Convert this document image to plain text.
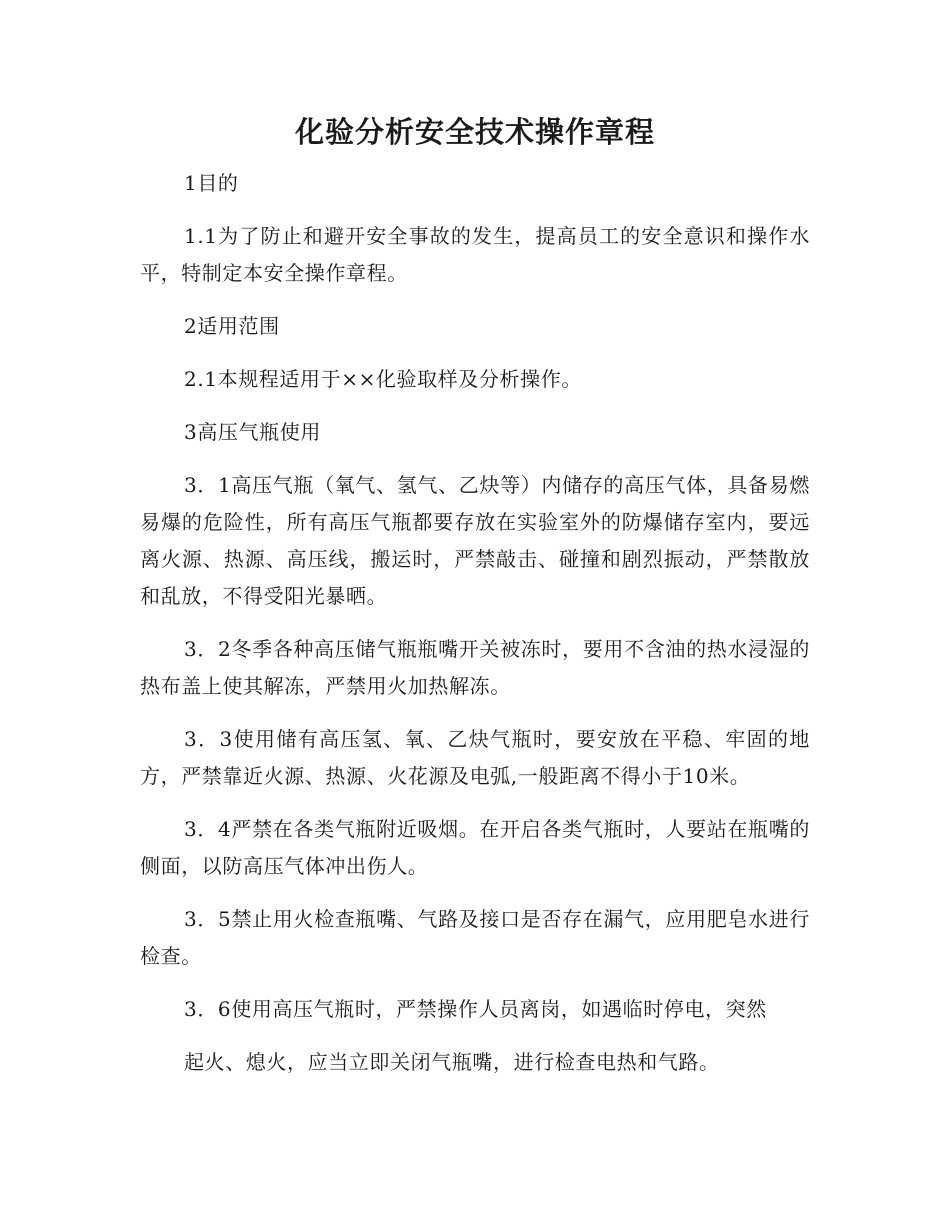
化验分析安全技术操作章程

1目的

1.1为了防止和避开安全事故的发生，提高员工的安全意识和操作水平，特制定本安全操作章程。

2适用范围

2.1本规程适用于××化验取样及分析操作。

3高压气瓶使用

3．1高压气瓶（氧气、氢气、乙炔等）内储存的高压气体，具备易燃易爆的危险性，所有高压气瓶都要存放在实验室外的防爆储存室内，要远离火源、热源、高压线，搬运时，严禁敲击、碰撞和剧烈振动，严禁散放和乱放，不得受阳光暴晒。

3．2冬季各种高压储气瓶瓶嘴开关被冻时，要用不含油的热水浸湿的热布盖上使其解冻，严禁用火加热解冻。

3．3使用储有高压氢、氧、乙炔气瓶时，要安放在平稳、牢固的地方，严禁靠近火源、热源、火花源及电弧,一般距离不得小于10米。

3．4严禁在各类气瓶附近吸烟。在开启各类气瓶时，人要站在瓶嘴的侧面，以防高压气体冲出伤人。

3．5禁止用火检查瓶嘴、气路及接口是否存在漏气，应用肥皂水进行检查。

3．6使用高压气瓶时，严禁操作人员离岗，如遇临时停电，突然

起火、熄火，应当立即关闭气瓶嘴，进行检查电热和气路。
